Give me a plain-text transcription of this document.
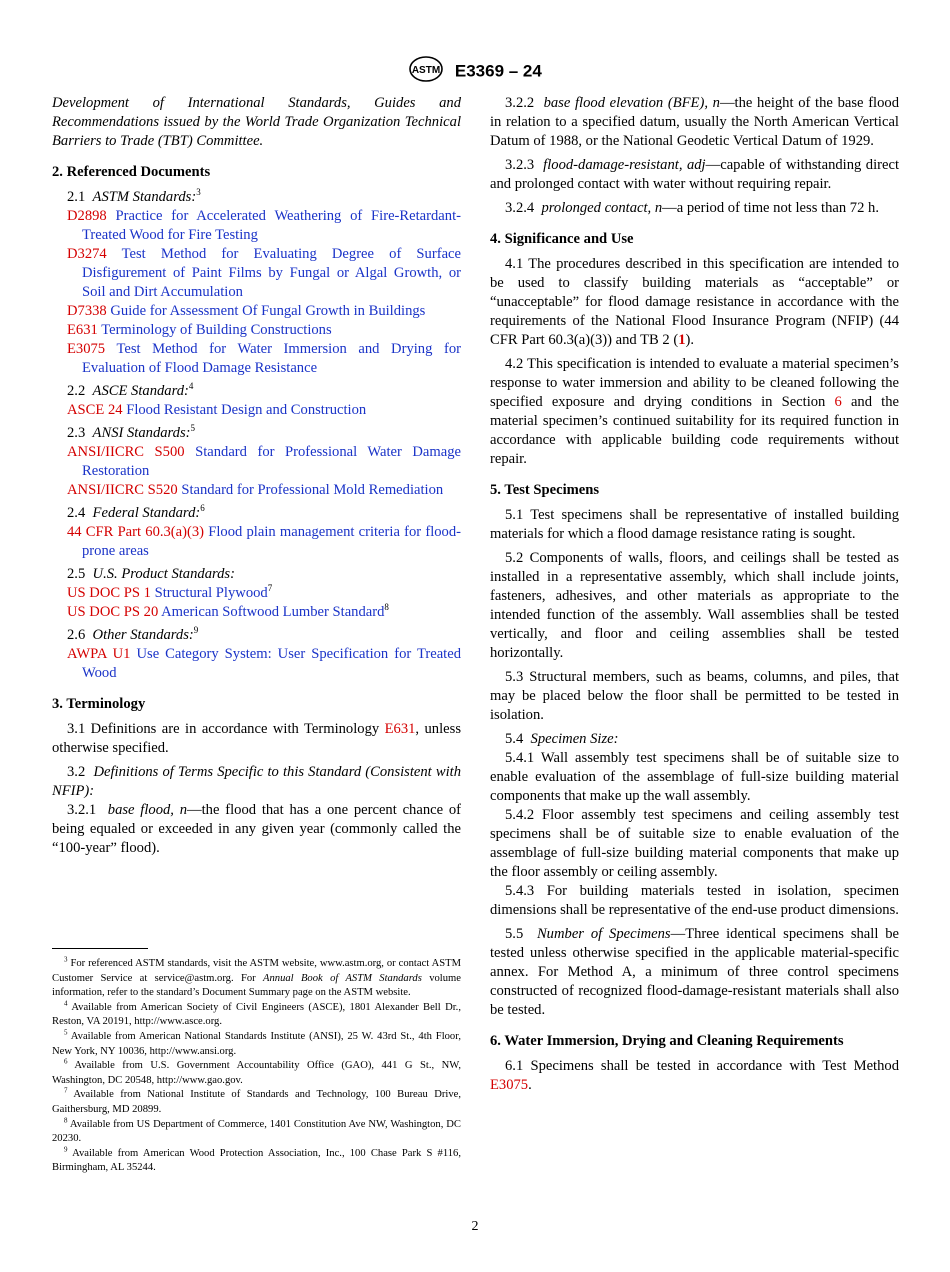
ASTM E3369 – 24

Development of International Standards, Guides and Recommendations issued by the World Trade Organization Technical Barriers to Trade (TBT) Committee.

2. Referenced Documents

2.1 ASTM Standards:$^3$

D2898 Practice for Accelerated Weathering of Fire-Retardant-Treated Wood for Fire Testing

D3274 Test Method for Evaluating Degree of Surface Disfigurement of Paint Films by Fungal or Algal Growth, or Soil and Dirt Accumulation

D7338 Guide for Assessment Of Fungal Growth in Buildings

E631 Terminology of Building Constructions

E3075 Test Method for Water Immersion and Drying for Evaluation of Flood Damage Resistance

2.2 ASCE Standard:$^4$

ASCE 24 Flood Resistant Design and Construction

2.3 ANSI Standards:$^5$

ANSI/IICRC S500 Standard for Professional Water Damage Restoration

ANSI/IICRC S520 Standard for Professional Mold Remediation

2.4 Federal Standard:$^6$

44 CFR Part 60.3(a)(3) Flood plain management criteria for flood-prone areas

2.5 U.S. Product Standards:

US DOC PS 1 Structural Plywood$^7$

US DOC PS 20 American Softwood Lumber Standard$^8$

2.6 Other Standards:$^9$

AWPA U1 Use Category System: User Specification for Treated Wood

3. Terminology

3.1 Definitions are in accordance with Terminology E631, unless otherwise specified.

3.2 Definitions of Terms Specific to this Standard (Consistent with NFIP):

3.2.1 base flood, n—the flood that has a one percent chance of being equaled or exceeded in any given year (commonly called the “100-year” flood).

3.2.2 base flood elevation (BFE), n—the height of the base flood in relation to a specified datum, usually the North American Vertical Datum of 1988, or the National Geodetic Vertical Datum of 1929.

3.2.3 flood-damage-resistant, adj—capable of withstanding direct and prolonged contact with water without requiring repair.

3.2.4 prolonged contact, n—a period of time not less than 72 h.

4. Significance and Use

4.1 The procedures described in this specification are intended to be used to classify building materials as “acceptable” or “unacceptable” for flood damage resistance in accordance with the requirements of the National Flood Insurance Program (NFIP) (44 CFR Part 60.3(a)(3)) and TB 2 (1).

4.2 This specification is intended to evaluate a material specimen’s response to water immersion and ability to be cleaned following the specified exposure and drying conditions in Section 6 and the material specimen’s continued suitability for its required function in accordance with applicable building code requirements without repair.

5. Test Specimens

5.1 Test specimens shall be representative of installed building materials for which a flood damage resistance rating is sought.

5.2 Components of walls, floors, and ceilings shall be tested as installed in a representative assembly, which shall include joints, fasteners, adhesives, and other materials as appropriate to the intended function of the assembly. Wall assemblies shall be tested vertically, and floor and ceiling assemblies shall be tested horizontally.

5.3 Structural members, such as beams, columns, and piles, that may be placed below the floor shall be permitted to be tested in isolation.

5.4 Specimen Size:

5.4.1 Wall assembly test specimens shall be of suitable size to enable evaluation of the assemblage of full-size building material components that make up the wall assembly.

5.4.2 Floor assembly test specimens and ceiling assembly test specimens shall be of suitable size to enable evaluation of the assemblage of full-size building material components that make up the floor assembly or ceiling assembly.

5.4.3 For building materials tested in isolation, specimen dimensions shall be representative of the end-use product dimensions.

5.5 Number of Specimens—Three identical specimens shall be tested unless otherwise specified in the applicable material-specific annex. For Method A, a minimum of three control specimens constructed of recognized flood-damage-resistant materials shall also be tested.

6. Water Immersion, Drying and Cleaning Requirements

6.1 Specimens shall be tested in accordance with Test Method E3075.

$^3$ For referenced ASTM standards, visit the ASTM website, www.astm.org, or contact ASTM Customer Service at service@astm.org. For Annual Book of ASTM Standards volume information, refer to the standard’s Document Summary page on the ASTM website.

$^4$ Available from American Society of Civil Engineers (ASCE), 1801 Alexander Bell Dr., Reston, VA 20191, http://www.asce.org.

$^5$ Available from American National Standards Institute (ANSI), 25 W. 43rd St., 4th Floor, New York, NY 10036, http://www.ansi.org.

$^6$ Available from U.S. Government Accountability Office (GAO), 441 G St., NW, Washington, DC 20548, http://www.gao.gov.

$^7$ Available from National Institute of Standards and Technology, 100 Bureau Drive, Gaithersburg, MD 20899.

$^8$ Available from US Department of Commerce, 1401 Constitution Ave NW, Washington, DC 20230.

$^9$ Available from American Wood Protection Association, Inc., 100 Chase Park S #116, Birmingham, AL 35244.

2
